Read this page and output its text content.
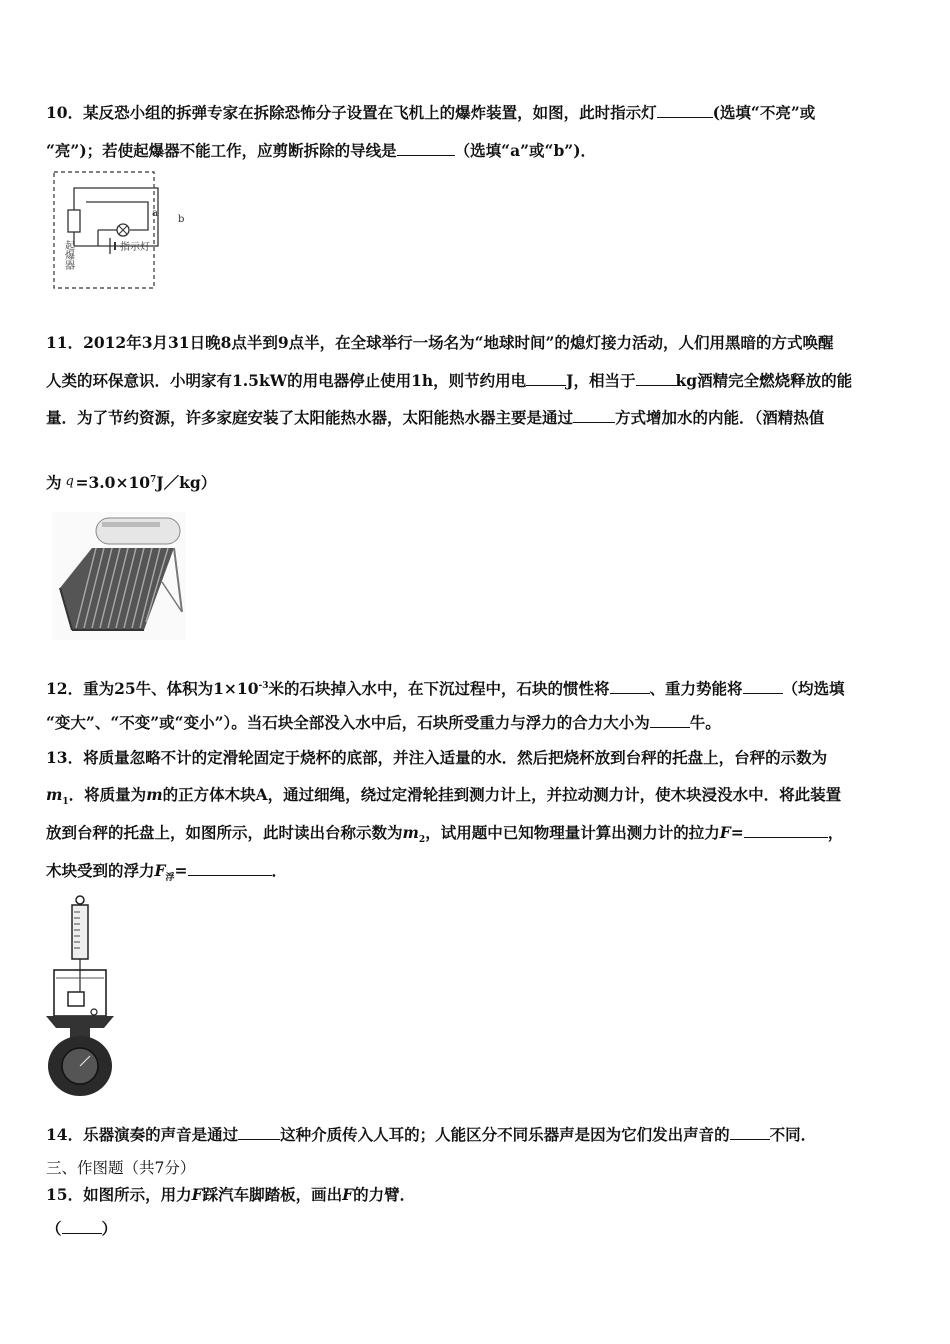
10．某反恐小组的拆弹专家在拆除恐怖分子设置在飞机上的爆炸装置，如图，此时指示灯	(选填“不亮”或
“亮”)；若使起爆器不能工作，应剪断拆除的导线是	（选填“a”或“b”)．
起爆器	指示灯
a
b
11．2012年3月31日晚8点半到9点半，在全球举行一场名为“地球时间”的熄灯接力活动，人们用黑暗的方式唤醒
人类的环保意识．小明家有1.5kW的用电器停止使用1h，则节约用电	J，相当于	kg酒精完全燃烧释放的能
量．为了节约资源，许多家庭安装了太阳能热水器，太阳能热水器主要是通过	方式增加水的内能．（酒精热值
为 $q =3.0\times 10^7J/kg$）
12．重为25牛、体积为$1\times 10^{-3}$米的石块掉入水中，在下沉过程中，石块的惯性将	、重力势能将	（均选填
“变大”、“不变”或“变小”）。当石块全部没入水中后，石块所受重力与浮力的合力大小为	牛。
13．将质量忽略不计的定滑轮固定于烧杯的底部，并注入适量的水．然后把烧杯放到台秤的托盘上，台秤的示数为
$m_1$．将质量为m的正方体木块A，通过细绳，绕过定滑轮挂到测力计上，并拉动测力计，使木块浸没水中．将此装置
放到台秤的托盘上，如图所示，此时读出台称示数为$m_2$，试用题中已知物理量计算出测力计的拉力F=	，
木块受到的浮力$F_浮=$	．
14．乐器演奏的声音是通过	这种介质传入人耳的；人能区分不同乐器声是因为它们发出声音的	不同．
三、作图题（共7分）
15．如图所示，用力F踩汽车脚踏板，画出F的力臂．
（	）
